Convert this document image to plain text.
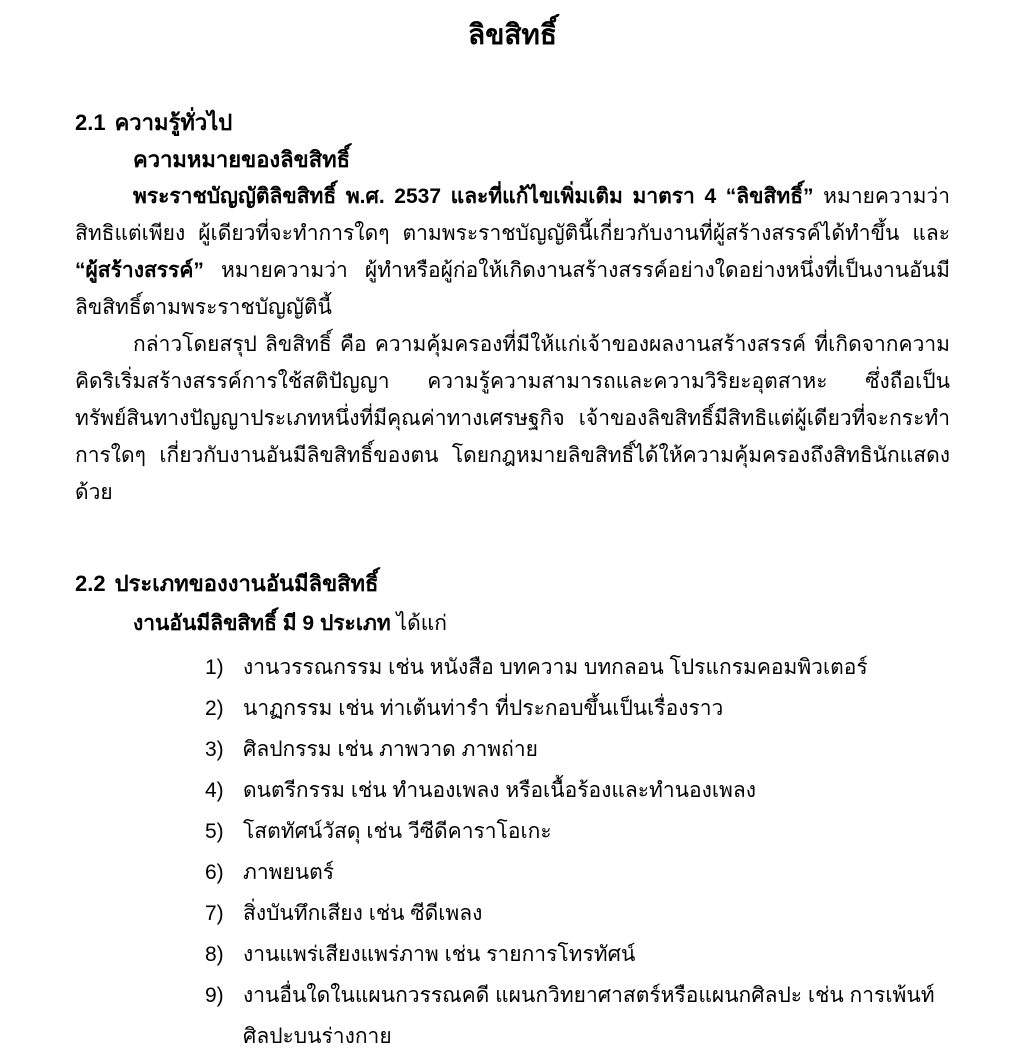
ลิขสิทธิ์
2.1 ความรู้ทั่วไป
ความหมายของลิขสิทธิ์

พระราชบัญญัติลิขสิทธิ์ พ.ศ. 2537 และที่แก้ไขเพิ่มเติม มาตรา 4 “ลิขสิทธิ์” หมายความว่า สิทธิแต่เพียง ผู้เดียวที่จะทำการใดๆ ตามพระราชบัญญัตินี้เกี่ยวกับงานที่ผู้สร้างสรรค์ได้ทำขึ้น และ “ผู้สร้างสรรค์” หมายความว่า ผู้ทำหรือผู้ก่อให้เกิดงานสร้างสรรค์อย่างใดอย่างหนึ่งที่เป็นงานอันมีลิขสิทธิ์ตามพระราชบัญญัตินี้

กล่าวโดยสรุป ลิขสิทธิ์ คือ ความคุ้มครองที่มีให้แก่เจ้าของผลงานสร้างสรรค์ ที่เกิดจากความคิดริเริ่มสร้างสรรค์การใช้สติปัญญา ความรู้ความสามารถและความวิริยะอุตสาหะ ซึ่งถือเป็นทรัพย์สินทางปัญญาประเภทหนึ่งที่มีคุณค่าทางเศรษฐกิจ เจ้าของลิขสิทธิ์มีสิทธิแต่ผู้เดียวที่จะกระทำการใดๆ เกี่ยวกับงานอันมีลิขสิทธิ์ของตน โดยกฎหมายลิขสิทธิ์ได้ให้ความคุ้มครองถึงสิทธินักแสดงด้วย

2.2 ประเภทของงานอันมีลิขสิทธิ์
งานอันมีลิขสิทธิ์ มี 9 ประเภท ได้แก่
1) งานวรรณกรรม เช่น หนังสือ บทความ บทกลอน โปรแกรมคอมพิวเตอร์
2) นาฏกรรม เช่น ท่าเต้นท่ารำ ที่ประกอบขึ้นเป็นเรื่องราว
3) ศิลปกรรม เช่น ภาพวาด ภาพถ่าย
4) ดนตรีกรรม เช่น ทำนองเพลง หรือเนื้อร้องและทำนองเพลง
5) โสตทัศน์วัสดุ เช่น วีซีดีคาราโอเกะ
6) ภาพยนตร์
7) สิ่งบันทึกเสียง เช่น ซีดีเพลง
8) งานแพร่เสียงแพร่ภาพ เช่น รายการโทรทัศน์
9) งานอื่นใดในแผนกวรรณคดี แผนกวิทยาศาสตร์หรือแผนกศิลปะ เช่น การเพ้นท์ศิลปะบนร่างกาย
